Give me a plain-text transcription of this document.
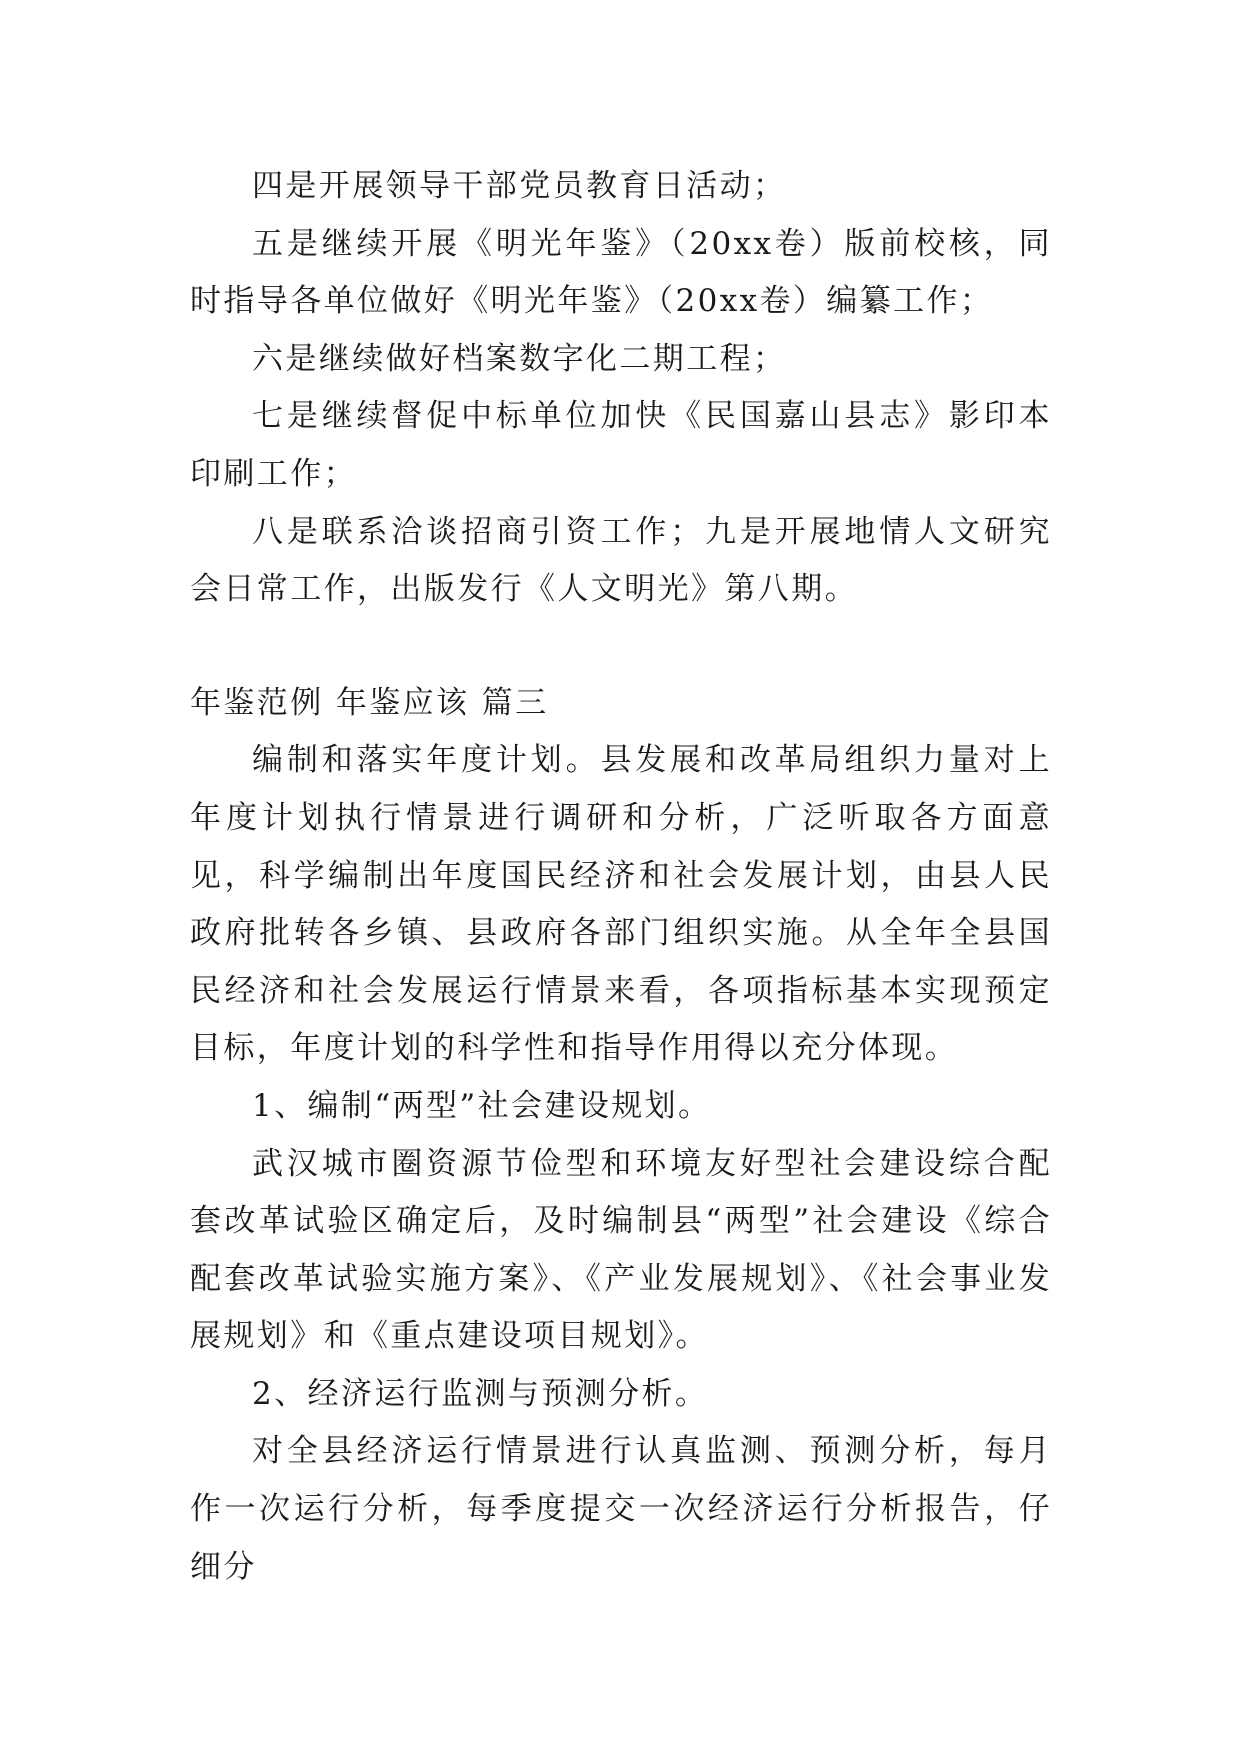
四是开展领导干部党员教育日活动；

五是继续开展《明光年鉴》（20xx卷）版前校核，同时指导各单位做好《明光年鉴》（20xx卷）编纂工作；

六是继续做好档案数字化二期工程；

七是继续督促中标单位加快《民国嘉山县志》影印本印刷工作；

八是联系洽谈招商引资工作；九是开展地情人文研究会日常工作，出版发行《人文明光》第八期。

年鉴范例 年鉴应该 篇三

编制和落实年度计划。县发展和改革局组织力量对上年度计划执行情景进行调研和分析，广泛听取各方面意见，科学编制出年度国民经济和社会发展计划，由县人民政府批转各乡镇、县政府各部门组织实施。从全年全县国民经济和社会发展运行情景来看，各项指标基本实现预定目标，年度计划的科学性和指导作用得以充分体现。

1、编制“两型”社会建设规划。

武汉城市圈资源节俭型和环境友好型社会建设综合配套改革试验区确定后，及时编制县“两型”社会建设《综合配套改革试验实施方案》、《产业发展规划》、《社会事业发展规划》和《重点建设项目规划》。

2、经济运行监测与预测分析。

对全县经济运行情景进行认真监测、预测分析，每月作一次运行分析，每季度提交一次经济运行分析报告，仔细分
